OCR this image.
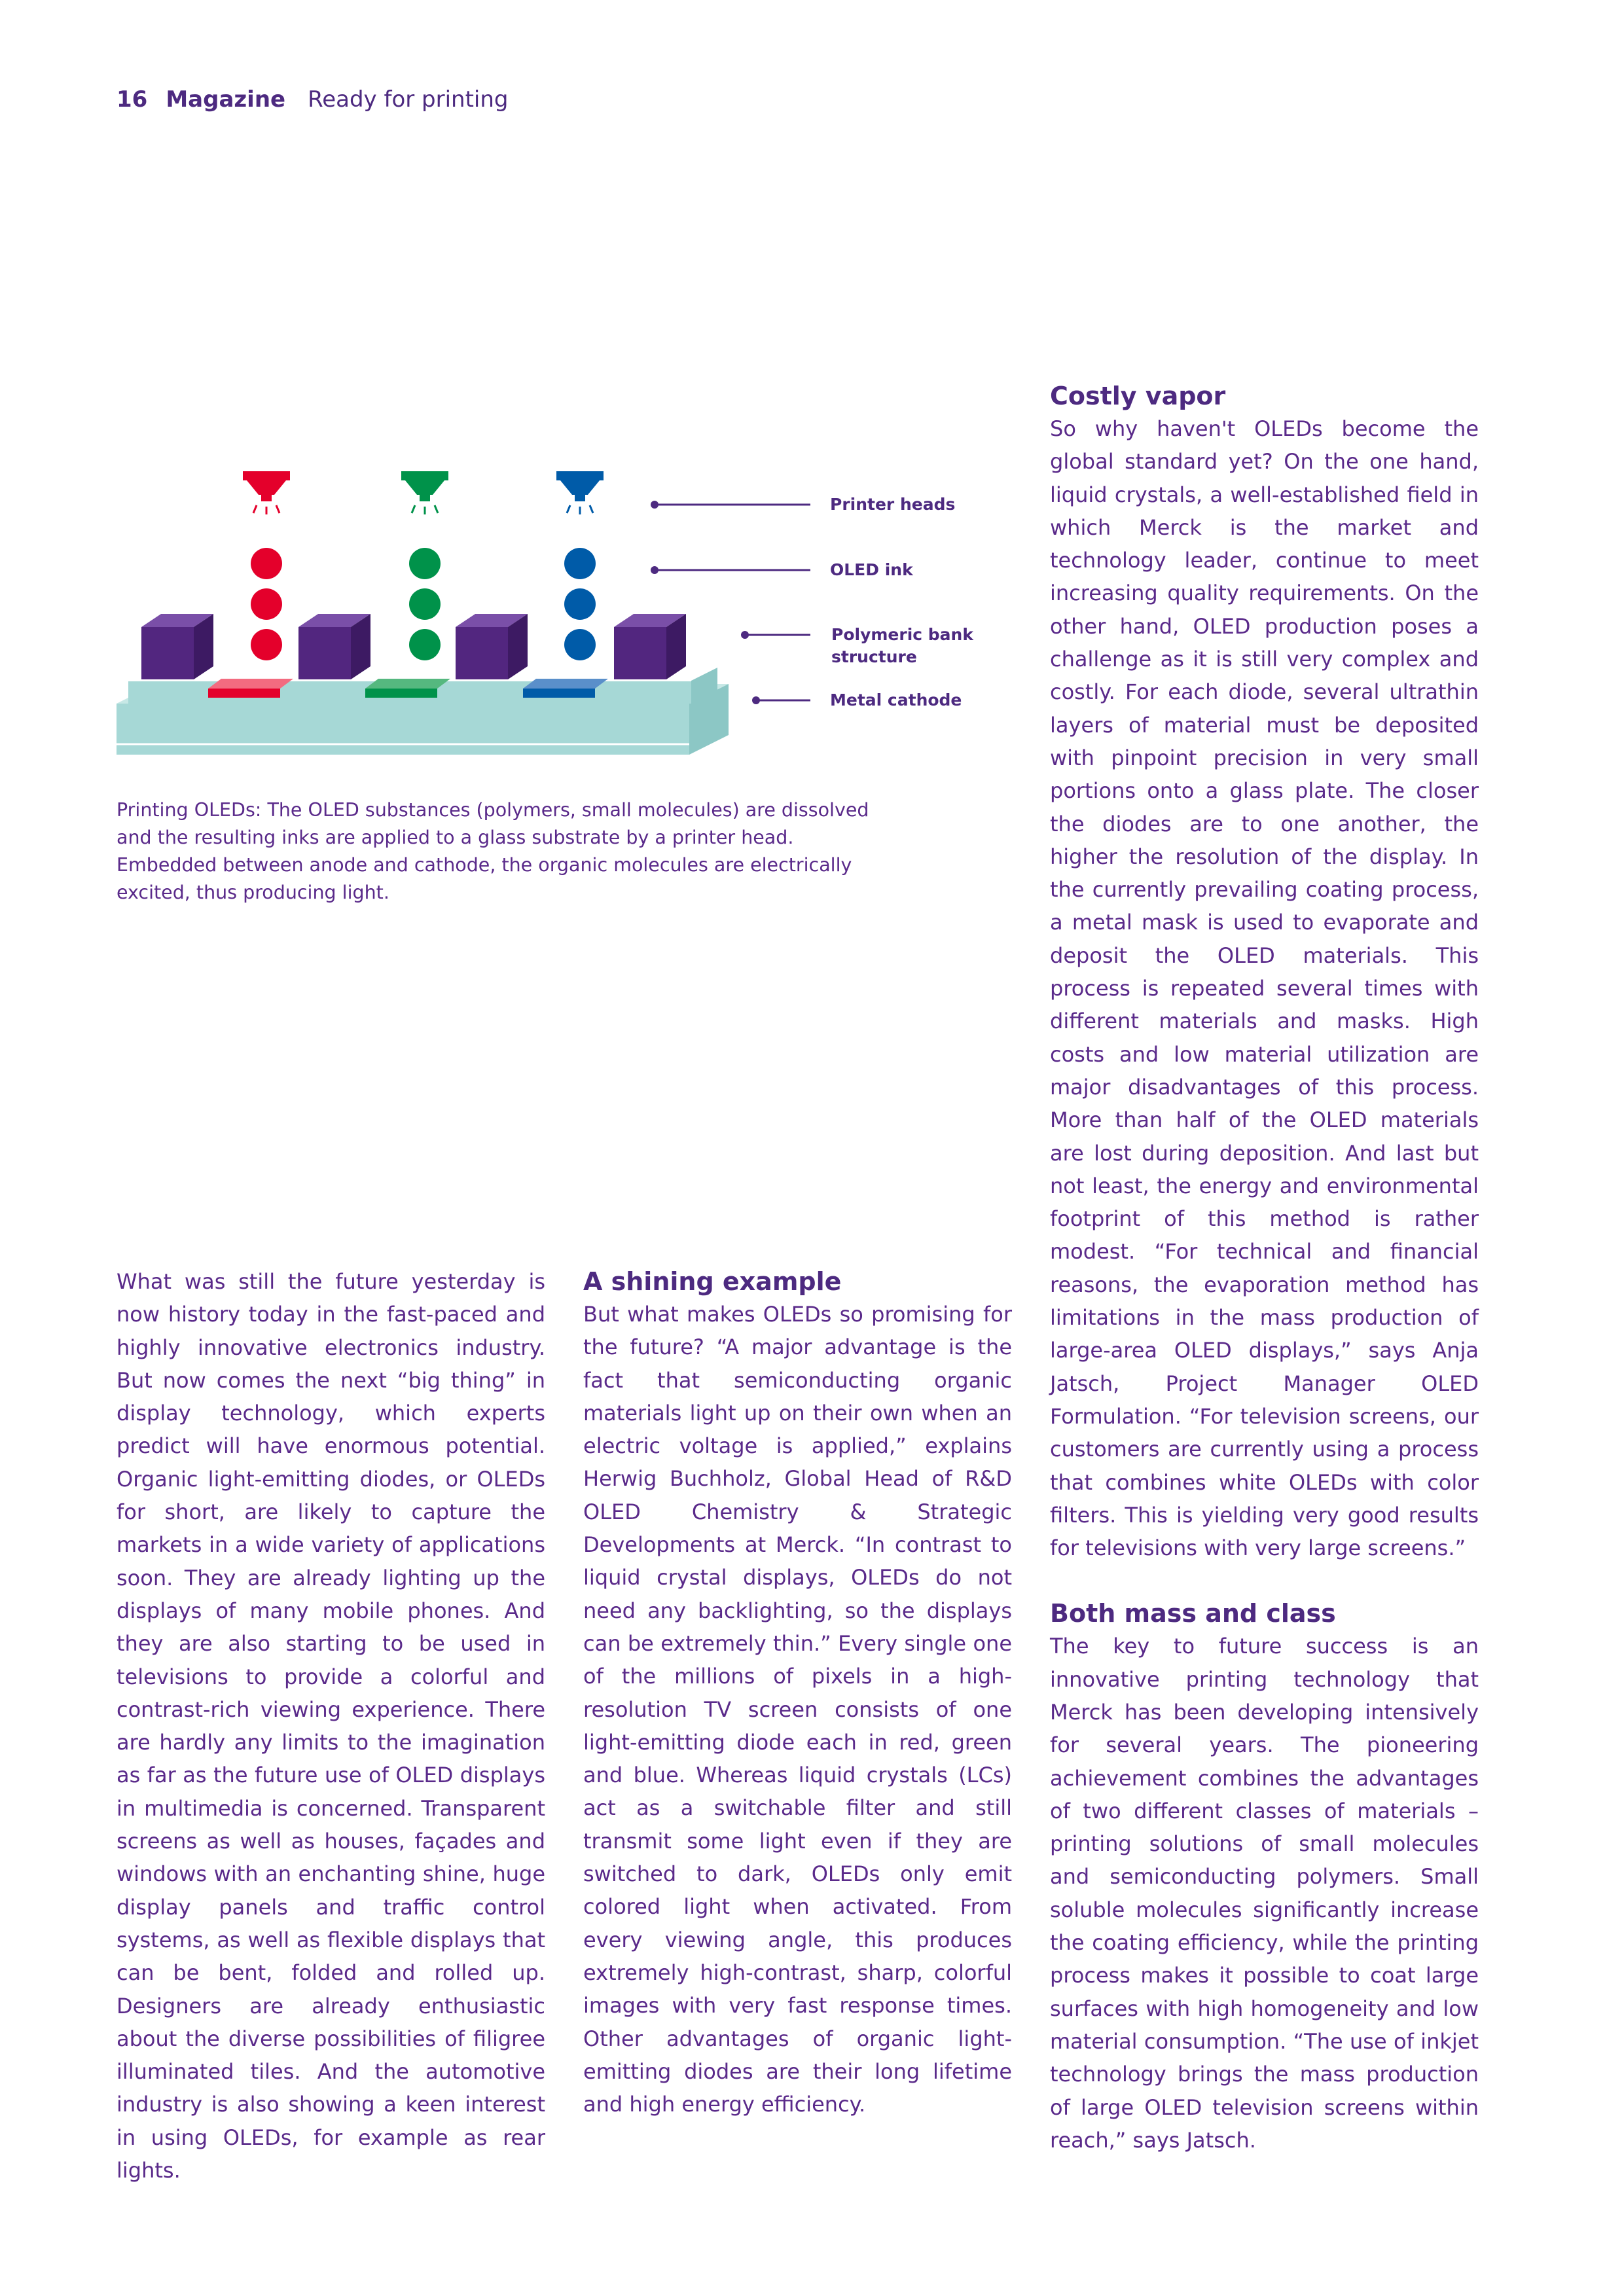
16 Magazine Ready for printing
Printer heads
OLED ink
Polymeric bank
structure
Metal cathode
Printing OLEDs: The OLED substances (polymers, small molecules) are dissolved and the resulting inks are applied to a glass substrate by a printer head. Embedded between anode and cathode, the organic molecules are electrically excited, thus producing light.

What was still the future yesterday is now history today in the fast-paced and highly innovative electronics industry. But now comes the next “big thing” in display technology, which experts predict will have enormous potential. Organic light-emitting diodes, or OLEDs for short, are likely to capture the markets in a wide variety of applications soon. They are already lighting up the displays of many mobile phones. And they are also starting to be used in televisions to provide a colorful and contrast-rich viewing experience. There are hardly any limits to the imagination as far as the future use of OLED displays in multimedia is concerned. Transparent screens as well as houses, façades and windows with an enchanting shine, huge display panels and traffic control systems, as well as flexible displays that can be bent, folded and rolled up. Designers are already enthusiastic about the diverse possibilities of filigree illuminated tiles. And the automotive industry is also showing a keen interest in using OLEDs, for example as rear lights.

A shining example

But what makes OLEDs so promising for the future? “A major advantage is the fact that semiconducting organic materials light up on their own when an electric voltage is applied,” explains Herwig Buchholz, Global Head of R&D OLED Chemistry & Strategic Developments at Merck. “In contrast to liquid crystal displays, OLEDs do not need any backlighting, so the displays can be extremely thin.” Every single one of the millions of pixels in a high-resolution TV screen consists of one light-emitting diode each in red, green and blue. Whereas liquid crystals (LCs) act as a switchable filter and still transmit some light even if they are switched to dark, OLEDs only emit colored light when activated. From every viewing angle, this produces extremely high-contrast, sharp, colorful images with very fast response times. Other advantages of organic light-emitting diodes are their long lifetime and high energy efficiency.

Costly vapor

So why haven't OLEDs become the global standard yet? On the one hand, liquid crystals, a well-established field in which Merck is the market and technology leader, continue to meet increasing quality requirements. On the other hand, OLED production poses a challenge as it is still very complex and costly. For each diode, several ultrathin layers of material must be deposited with pinpoint precision in very small portions onto a glass plate. The closer the diodes are to one another, the higher the resolution of the display. In the currently prevailing coating process, a metal mask is used to evaporate and deposit the OLED materials. This process is repeated several times with different materials and masks. High costs and low material utilization are major disadvantages of this process. More than half of the OLED materials are lost during deposition. And last but not least, the energy and environmental footprint of this method is rather modest. “For technical and financial reasons, the evaporation method has limitations in the mass production of large-area OLED displays,” says Anja Jatsch, Project Manager OLED Formulation. “For television screens, our customers are currently using a process that combines white OLEDs with color filters. This is yielding very good results for televisions with very large screens.”

Both mass and class

The key to future success is an innovative printing technology that Merck has been developing intensively for several years. The pioneering achievement combines the advantages of two different classes of materials – printing solutions of small molecules and semiconducting polymers. Small soluble molecules significantly increase the coating efficiency, while the printing process makes it possible to coat large surfaces with high homogeneity and low material consumption. “The use of inkjet technology brings the mass production of large OLED television screens within reach,” says Jatsch.
